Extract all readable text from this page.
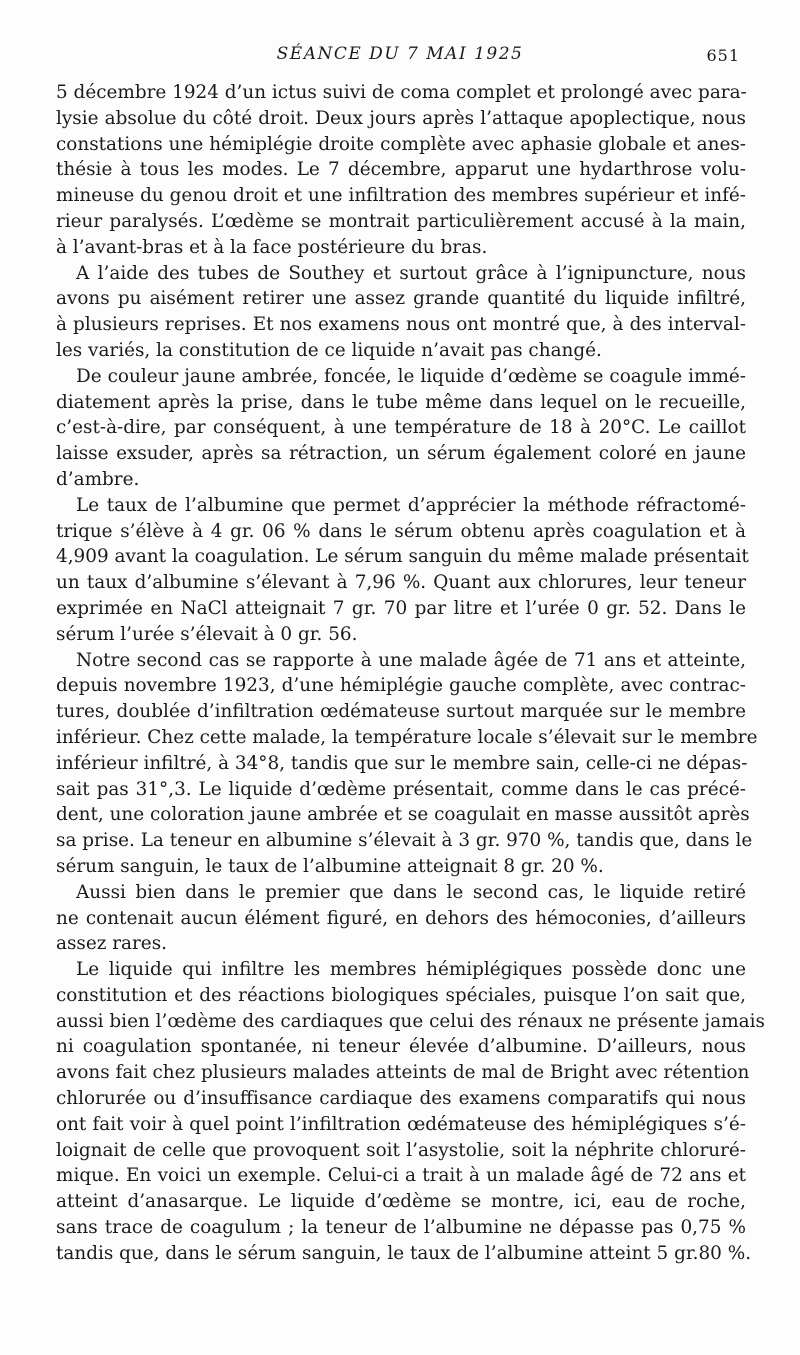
SÉANCE DU 7 MAI 1925	651

5 décembre 1924 d’un ictus suivi de coma complet et prolongé avec para-
lysie absolue du côté droit. Deux jours après l’attaque apoplectique, nous
constations une hémiplégie droite complète avec aphasie globale et anes-
thésie à tous les modes. Le 7 décembre, apparut une hydarthrose volu-
mineuse du genou droit et une infiltration des membres supérieur et infé-
rieur paralysés. L’œdème se montrait particulièrement accusé à la main,
à l’avant-bras et à la face postérieure du bras.

A l’aide des tubes de Southey et surtout grâce à l’ignipuncture, nous
avons pu aisément retirer une assez grande quantité du liquide infiltré,
à plusieurs reprises. Et nos examens nous ont montré que, à des interval-
les variés, la constitution de ce liquide n’avait pas changé.

De couleur jaune ambrée, foncée, le liquide d’œdème se coagule immé-
diatement après la prise, dans le tube même dans lequel on le recueille,
c’est-à-dire, par conséquent, à une température de 18 à 20°C. Le caillot
laisse exsuder, après sa rétraction, un sérum également coloré en jaune
d’ambre.

Le taux de l’albumine que permet d’apprécier la méthode réfractomé-
trique s’élève à 4 gr. 06 % dans le sérum obtenu après coagulation et à
4,909 avant la coagulation. Le sérum sanguin du même malade présentait
un taux d’albumine s’élevant à 7,96 %. Quant aux chlorures, leur teneur
exprimée en NaCl atteignait 7 gr. 70 par litre et l’urée 0 gr. 52. Dans le
sérum l’urée s’élevait à 0 gr. 56.

Notre second cas se rapporte à une malade âgée de 71 ans et atteinte,
depuis novembre 1923, d’une hémiplégie gauche complète, avec contrac-
tures, doublée d’infiltration œdémateuse surtout marquée sur le membre
inférieur. Chez cette malade, la température locale s’élevait sur le membre
inférieur infiltré, à 34°8, tandis que sur le membre sain, celle-ci ne dépas-
sait pas 31°,3. Le liquide d’œdème présentait, comme dans le cas précé-
dent, une coloration jaune ambrée et se coagulait en masse aussitôt après
sa prise. La teneur en albumine s’élevait à 3 gr. 970 %, tandis que, dans le
sérum sanguin, le taux de l’albumine atteignait 8 gr. 20 %.

Aussi bien dans le premier que dans le second cas, le liquide retiré
ne contenait aucun élément figuré, en dehors des hémoconies, d’ailleurs
assez rares.

Le liquide qui infiltre les membres hémiplégiques possède donc une
constitution et des réactions biologiques spéciales, puisque l’on sait que,
aussi bien l’œdème des cardiaques que celui des rénaux ne présente jamais
ni coagulation spontanée, ni teneur élevée d’albumine. D’ailleurs, nous
avons fait chez plusieurs malades atteints de mal de Bright avec rétention
chlorurée ou d’insuffisance cardiaque des examens comparatifs qui nous
ont fait voir à quel point l’infiltration œdémateuse des hémiplégiques s’é-
loignait de celle que provoquent soit l’asystolie, soit la néphrite chloruré-
mique. En voici un exemple. Celui-ci a trait à un malade âgé de 72 ans et
atteint d’anasarque. Le liquide d’œdème se montre, ici, eau de roche,
sans trace de coagulum ; la teneur de l’albumine ne dépasse pas 0,75 %
tandis que, dans le sérum sanguin, le taux de l’albumine atteint 5 gr.80 %.
